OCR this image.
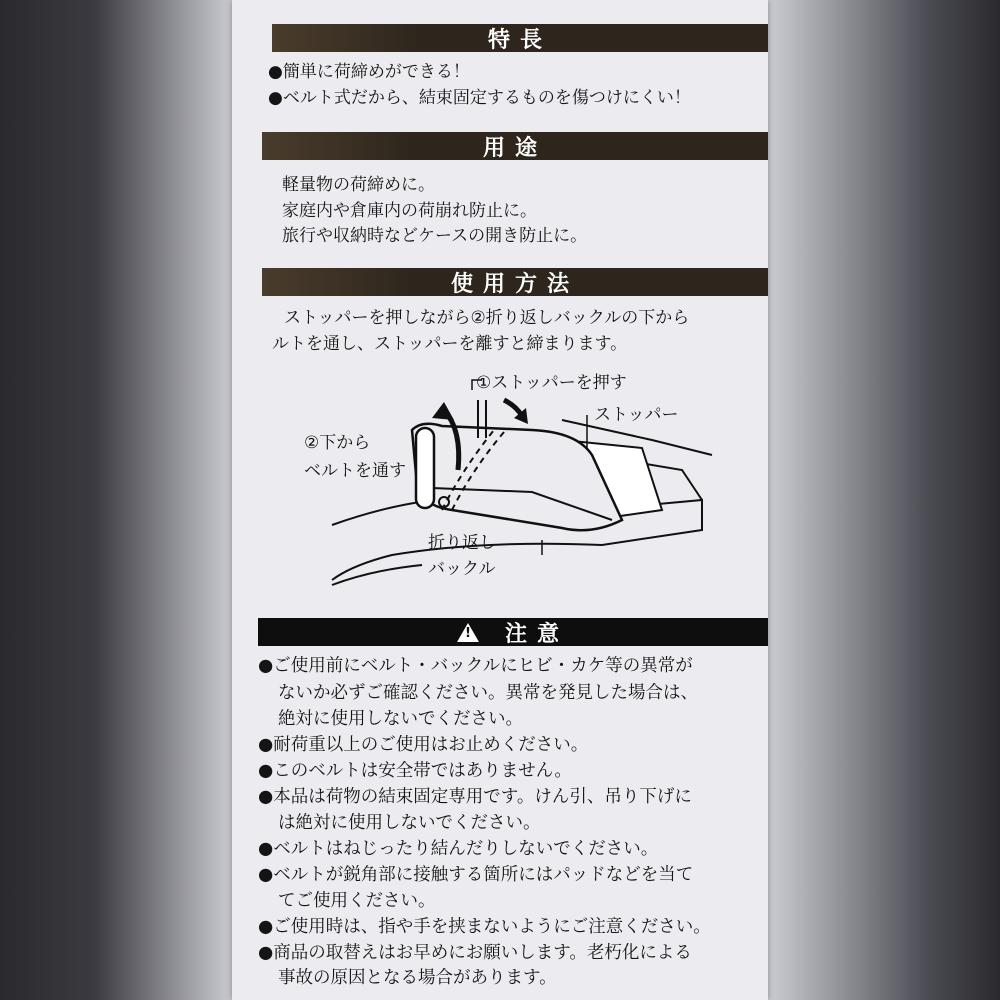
特長
●簡単に荷締めができる！
●ベルト式だから、結束固定するものを傷つけにくい！
用途
軽量物の荷締めに。
家庭内や倉庫内の荷崩れ防止に。
旅行や収納時などケースの開き防止に。
使用方法
ストッパーを押しながら②折り返しバックルの下から
ルトを通し、ストッパーを離すと締まります。
①ストッパーを押す
ストッパー
②下から
ベルトを通す
折り返し
バックル
!
注意
●ご使用前にベルト・バックルにヒビ・カケ等の異常が
ないか必ずご確認ください。異常を発見した場合は、
絶対に使用しないでください。
●耐荷重以上のご使用はお止めください。
●このベルトは安全帯ではありません。
●本品は荷物の結束固定専用です。けん引、吊り下げに
は絶対に使用しないでください。
●ベルトはねじったり結んだりしないでください。
●ベルトが鋭角部に接触する箇所にはパッドなどを当て
てご使用ください。
●ご使用時は、指や手を挟まないようにご注意ください。
●商品の取替えはお早めにお願いします。老朽化による
事故の原因となる場合があります。
